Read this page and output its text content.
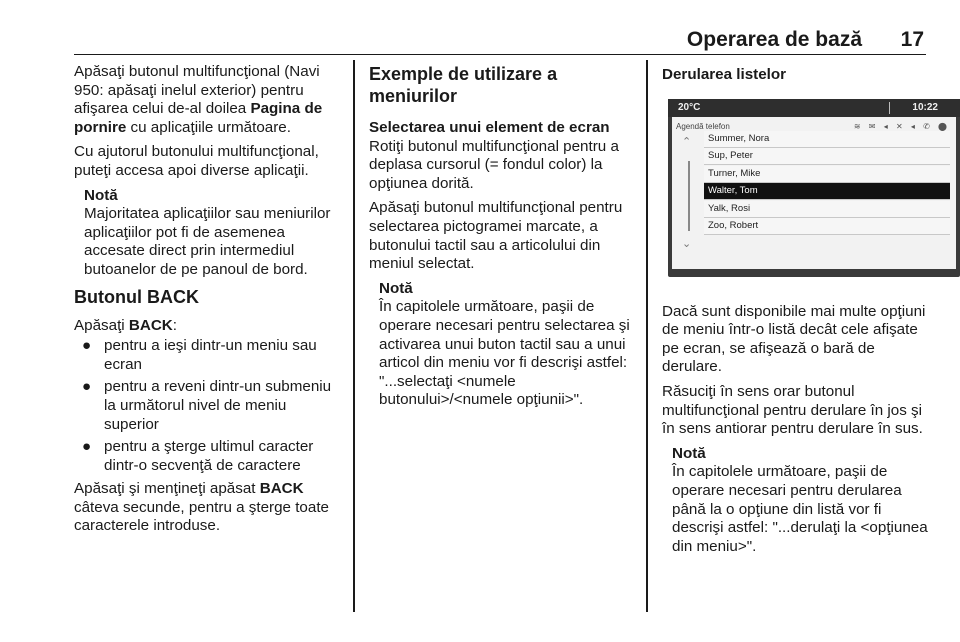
Operarea de bază 17

Apăsaţi butonul multifuncţional (Navi 950: apăsaţi inelul exterior) pentru afişarea celui de-al doilea Pagina de pornire cu aplicaţiile următoare.

Cu ajutorul butonului multifuncţional, puteţi accesa apoi diverse aplicaţii.

Notă
Majoritatea aplicaţiilor sau meniurilor aplicaţiilor pot fi de asemenea accesate direct prin intermediul butoanelor de pe panoul de bord.
Butonul BACK

Apăsaţi BACK:

● pentru a ieşi dintr-un meniu sau ecran
● pentru a reveni dintr-un submeniu la următorul nivel de meniu superior
● pentru a şterge ultimul caracter dintr-o secvenţă de caractere

Apăsaţi şi menţineţi apăsat BACK câteva secunde, pentru a şterge toate caracterele introduse.

Exemple de utilizare a meniurilor
Selectarea unui element de ecran

Rotiţi butonul multifuncţional pentru a deplasa cursorul (= fondul color) la opţiunea dorită.

Apăsaţi butonul multifuncţional pentru selectarea pictogramei marcate, a butonului tactil sau a articolului din meniul selectat.

Notă
În capitolele următoare, paşii de operare necesari pentru selectarea şi activarea unui buton tactil sau a unui articol din meniu vor fi descrişi astfel: "...selectaţi <numele butonului>/<numele opţiunii>".
Derularea listelor
20°C	10:22
Agendă telefon	≋ ✉ ◂ ✕ ◂ ✆ ⬤
⌃
⌄
Summer, Nora
Sup, Peter
Turner, Mike
Walter, Tom
Yalk, Rosi
Zoo, Robert

Dacă sunt disponibile mai multe opţiuni de meniu într-o listă decât cele afişate pe ecran, se afişează o bară de derulare.

Răsuciţi în sens orar butonul multifuncţional pentru derulare în jos şi în sens antiorar pentru derulare în sus.

Notă
În capitolele următoare, paşii de operare necesari pentru derularea până la o opţiune din listă vor fi descrişi astfel: "...derulaţi la <opţiunea din meniu>".
